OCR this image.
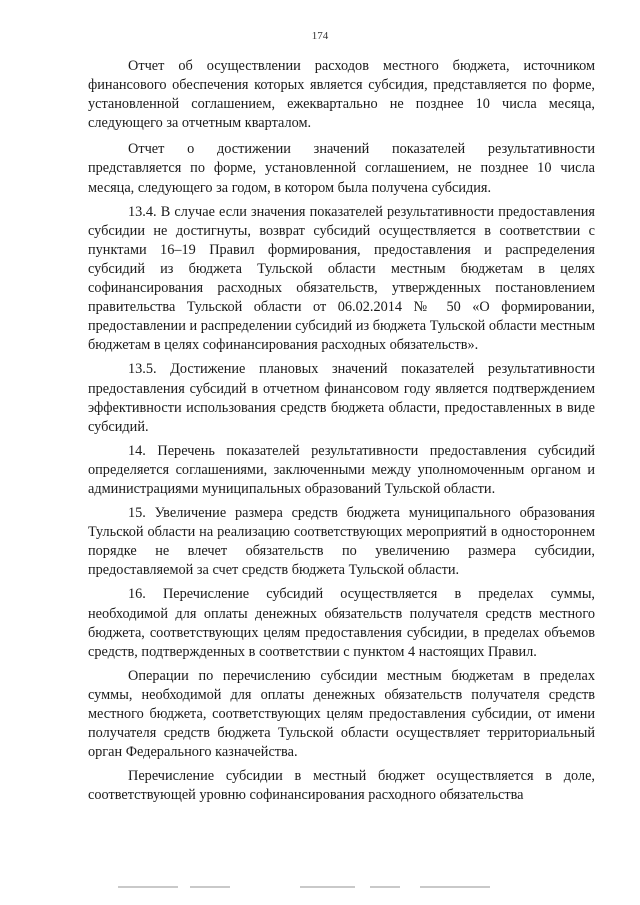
174

Отчет об осуществлении расходов местного бюджета, источником финансового обеспечения которых является субсидия, представляется по форме, установленной соглашением, ежеквартально не позднее 10 числа месяца, следующего за отчетным кварталом.

Отчет о достижении значений показателей результативности представляется по форме, установленной соглашением, не позднее 10 числа месяца, следующего за годом, в котором была получена субсидия.

13.4. В случае если значения показателей результативности предоставления субсидии не достигнуты, возврат субсидий осуществляется в соответствии с пунктами 16–19 Правил формирования, предоставления и распределения субсидий из бюджета Тульской области местным бюджетам в целях софинансирования расходных обязательств, утвержденных постановлением правительства Тульской области от 06.02.2014 № 50 «О формировании, предоставлении и распределении субсидий из бюджета Тульской области местным бюджетам в целях софинансирования расходных обязательств».

13.5. Достижение плановых значений показателей результативности предоставления субсидий в отчетном финансовом году является подтверждением эффективности использования средств бюджета области, предоставленных в виде субсидий.

14. Перечень показателей результативности предоставления субсидий определяется соглашениями, заключенными между уполномоченным органом и администрациями муниципальных образований Тульской области.

15. Увеличение размера средств бюджета муниципального образования Тульской области на реализацию соответствующих мероприятий в одностороннем порядке не влечет обязательств по увеличению размера субсидии, предоставляемой за счет средств бюджета Тульской области.

16. Перечисление субсидий осуществляется в пределах суммы, необходимой для оплаты денежных обязательств получателя средств местного бюджета, соответствующих целям предоставления субсидии, в пределах объемов средств, подтвержденных в соответствии с пунктом 4 настоящих Правил.

Операции по перечислению субсидии местным бюджетам в пределах суммы, необходимой для оплаты денежных обязательств получателя средств местного бюджета, соответствующих целям предоставления субсидии, от имени получателя средств бюджета Тульской области осуществляет территориальный орган Федерального казначейства.

Перечисление субсидии в местный бюджет осуществляется в доле, соответствующей уровню софинансирования расходного обязательства
